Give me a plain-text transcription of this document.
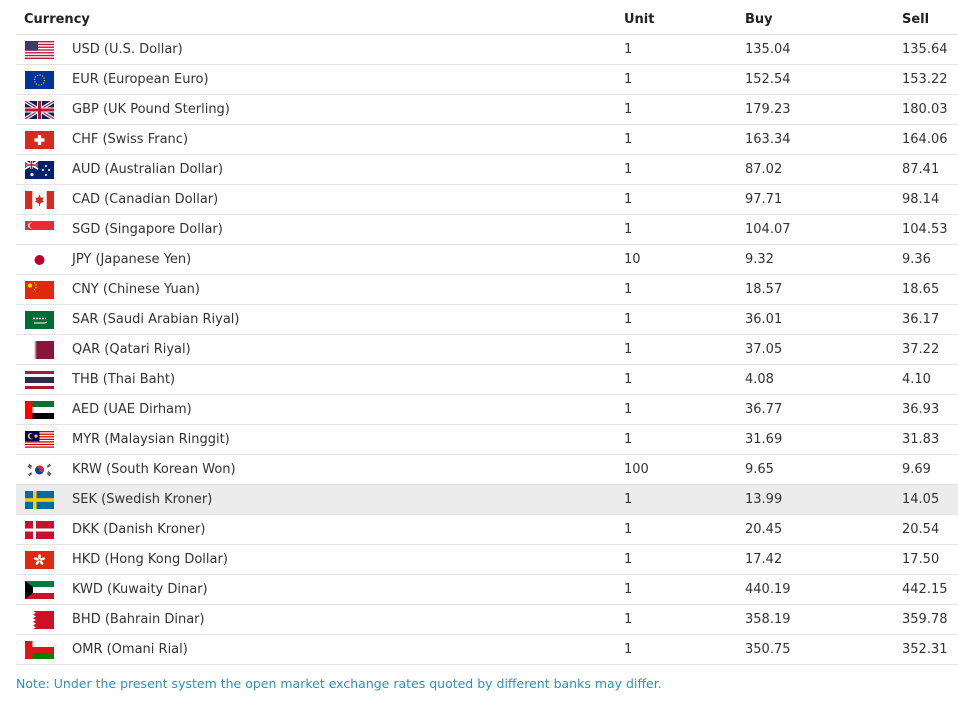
Currency	Unit	Buy	Sell
USD (U.S. Dollar)	1	135.04	135.64
EUR (European Euro)	1	152.54	153.22
GBP (UK Pound Sterling)	1	179.23	180.03
CHF (Swiss Franc)	1	163.34	164.06
AUD (Australian Dollar)	1	87.02	87.41
CAD (Canadian Dollar)	1	97.71	98.14
SGD (Singapore Dollar)	1	104.07	104.53
JPY (Japanese Yen)	10	9.32	9.36
CNY (Chinese Yuan)	1	18.57	18.65
SAR (Saudi Arabian Riyal)	1	36.01	36.17
QAR (Qatari Riyal)	1	37.05	37.22
THB (Thai Baht)	1	4.08	4.10
AED (UAE Dirham)	1	36.77	36.93
MYR (Malaysian Ringgit)	1	31.69	31.83
KRW (South Korean Won)	100	9.65	9.69
SEK (Swedish Kroner)	1	13.99	14.05
DKK (Danish Kroner)	1	20.45	20.54
HKD (Hong Kong Dollar)	1	17.42	17.50
KWD (Kuwaity Dinar)	1	440.19	442.15
BHD (Bahrain Dinar)	1	358.19	359.78
OMR (Omani Rial)	1	350.75	352.31
Note: Under the present system the open market exchange rates quoted by different banks may differ.
